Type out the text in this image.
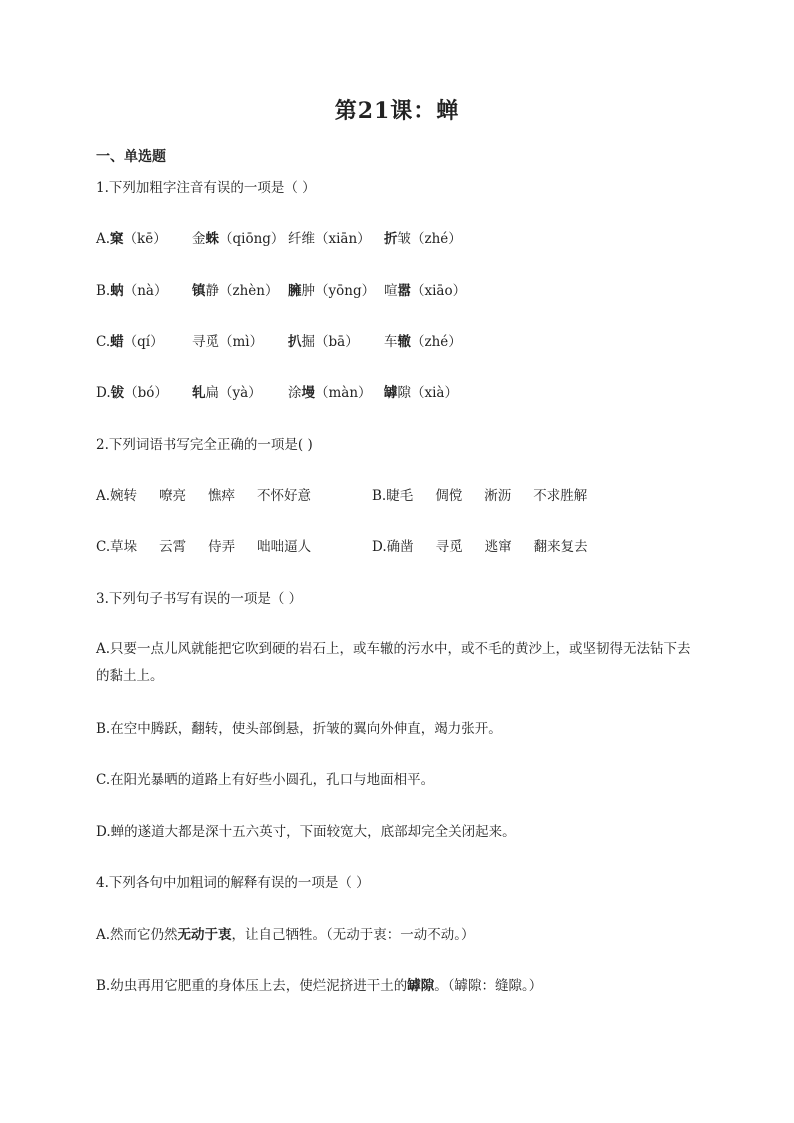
第21课：蝉
一、单选题
1.下列加粗字注音有误的一项是（ ）
A.窠（kē） 金蛛（qiōng） 纤维（xiān） 折皱（zhé）
B.蚋（nà） 镇静（zhèn） 臃肿（yōng） 喧嚣（xiāo）
C.蜡（qí） 寻觅（mì） 扒掘（bā） 车辙（zhé）
D.钹（bó） 轧扁（yà） 涂墁（màn） 罅隙（xià）
2.下列词语书写完全正确的一项是( )
A.婉转 嘹亮 憔瘁 不怀好意	B.睫毛 倜傥 淅沥 不求胜解
C.草垛 云霄 侍弄 咄咄逼人	D.确凿 寻觅 逃窜 翻来复去
3.下列句子书写有误的一项是（ ）
A.只要一点儿风就能把它吹到硬的岩石上，或车辙的污水中，或不毛的黄沙上，或坚韧得无法钻下去的黏土上。
B.在空中腾跃，翻转，使头部倒悬，折皱的翼向外伸直，竭力张开。
C.在阳光暴晒的道路上有好些小圆孔，孔口与地面相平。
D.蝉的遂道大都是深十五六英寸，下面较宽大，底部却完全关闭起来。
4.下列各句中加粗词的解释有误的一项是（ ）
A.然而它仍然无动于衷，让自己牺牲。（无动于衷：一动不动。）
B.幼虫再用它肥重的身体压上去，使烂泥挤进干土的罅隙。（罅隙：缝隙。）
